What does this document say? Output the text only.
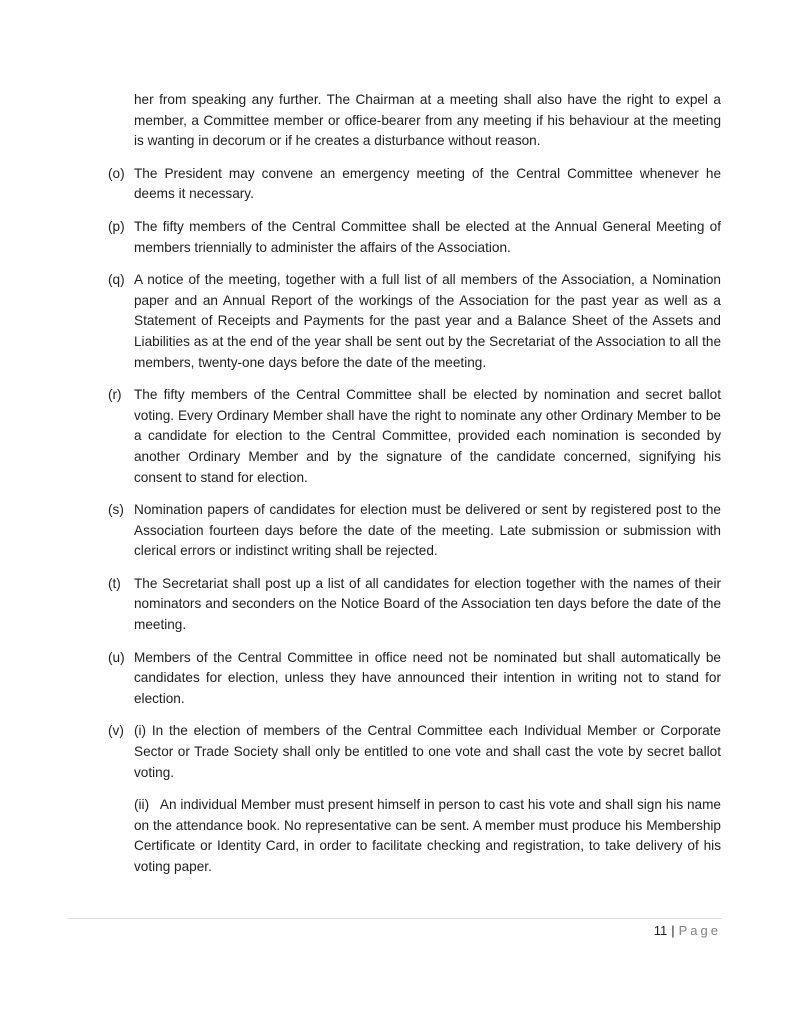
her from speaking any further. The Chairman at a meeting shall also have the right to expel a member, a Committee member or office-bearer from any meeting if his behaviour at the meeting is wanting in decorum or if he creates a disturbance without reason.

(o) The President may convene an emergency meeting of the Central Committee whenever he deems it necessary.
(p) The fifty members of the Central Committee shall be elected at the Annual General Meeting of members triennially to administer the affairs of the Association.
(q) A notice of the meeting, together with a full list of all members of the Association, a Nomination paper and an Annual Report of the workings of the Association for the past year as well as a Statement of Receipts and Payments for the past year and a Balance Sheet of the Assets and Liabilities as at the end of the year shall be sent out by the Secretariat of the Association to all the members, twenty-one days before the date of the meeting.
(r) The fifty members of the Central Committee shall be elected by nomination and secret ballot voting. Every Ordinary Member shall have the right to nominate any other Ordinary Member to be a candidate for election to the Central Committee, provided each nomination is seconded by another Ordinary Member and by the signature of the candidate concerned, signifying his consent to stand for election.
(s) Nomination papers of candidates for election must be delivered or sent by registered post to the Association fourteen days before the date of the meeting. Late submission or submission with clerical errors or indistinct writing shall be rejected.
(t) The Secretariat shall post up a list of all candidates for election together with the names of their nominators and seconders on the Notice Board of the Association ten days before the date of the meeting.
(u) Members of the Central Committee in office need not be nominated but shall automatically be candidates for election, unless they have announced their intention in writing not to stand for election.
(v) (i) In the election of members of the Central Committee each Individual Member or Corporate Sector or Trade Society shall only be entitled to one vote and shall cast the vote by secret ballot voting.

(ii)   An individual Member must present himself in person to cast his vote and shall sign his name on the attendance book. No representative can be sent. A member must produce his Membership Certificate or Identity Card, in order to facilitate checking and registration, to take delivery of his voting paper.

11 | Page
